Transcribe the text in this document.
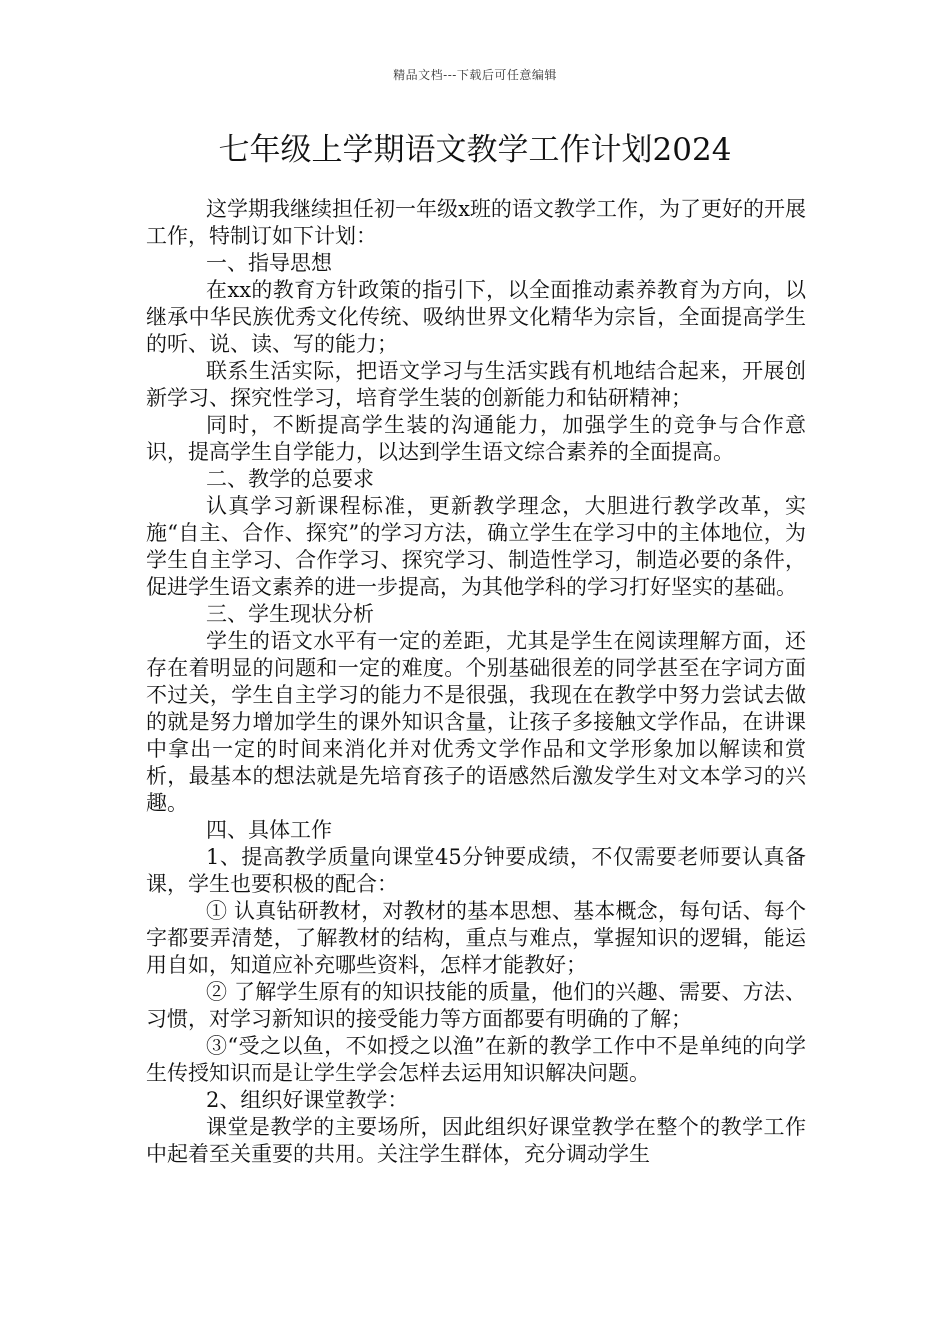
精品文档---下载后可任意编辑
七年级上学期语文教学工作计划2024

这学期我继续担任初一年级x班的语文教学工作，为了更好的开展工作，特制订如下计划：

一、指导思想

在xx的教育方针政策的指引下，以全面推动素养教育为方向，以继承中华民族优秀文化传统、吸纳世界文化精华为宗旨，全面提高学生的听、说、读、写的能力；

联系生活实际，把语文学习与生活实践有机地结合起来，开展创新学习、探究性学习，培育学生装的创新能力和钻研精神；

同时，不断提高学生装的沟通能力，加强学生的竞争与合作意识，提高学生自学能力，以达到学生语文综合素养的全面提高。

二、教学的总要求

认真学习新课程标准，更新教学理念，大胆进行教学改革，实施“自主、合作、探究”的学习方法，确立学生在学习中的主体地位，为学生自主学习、合作学习、探究学习、制造性学习，制造必要的条件，促进学生语文素养的进一步提高，为其他学科的学习打好坚实的基础。

三、学生现状分析

学生的语文水平有一定的差距，尤其是学生在阅读理解方面，还存在着明显的问题和一定的难度。个别基础很差的同学甚至在字词方面不过关，学生自主学习的能力不是很强，我现在在教学中努力尝试去做的就是努力增加学生的课外知识含量，让孩子多接触文学作品，在讲课中拿出一定的时间来消化并对优秀文学作品和文学形象加以解读和赏析，最基本的想法就是先培育孩子的语感然后激发学生对文本学习的兴趣。

四、具体工作

1、提高教学质量向课堂45分钟要成绩，不仅需要老师要认真备课，学生也要积极的配合：

① 认真钻研教材，对教材的基本思想、基本概念，每句话、每个字都要弄清楚，了解教材的结构，重点与难点，掌握知识的逻辑，能运用自如，知道应补充哪些资料，怎样才能教好；

② 了解学生原有的知识技能的质量，他们的兴趣、需要、方法、习惯，对学习新知识的接受能力等方面都要有明确的了解；

③“受之以鱼，不如授之以渔”在新的教学工作中不是单纯的向学生传授知识而是让学生学会怎样去运用知识解决问题。

2、组织好课堂教学：

课堂是教学的主要场所，因此组织好课堂教学在整个的教学工作中起着至关重要的共用。关注学生群体，充分调动学生
